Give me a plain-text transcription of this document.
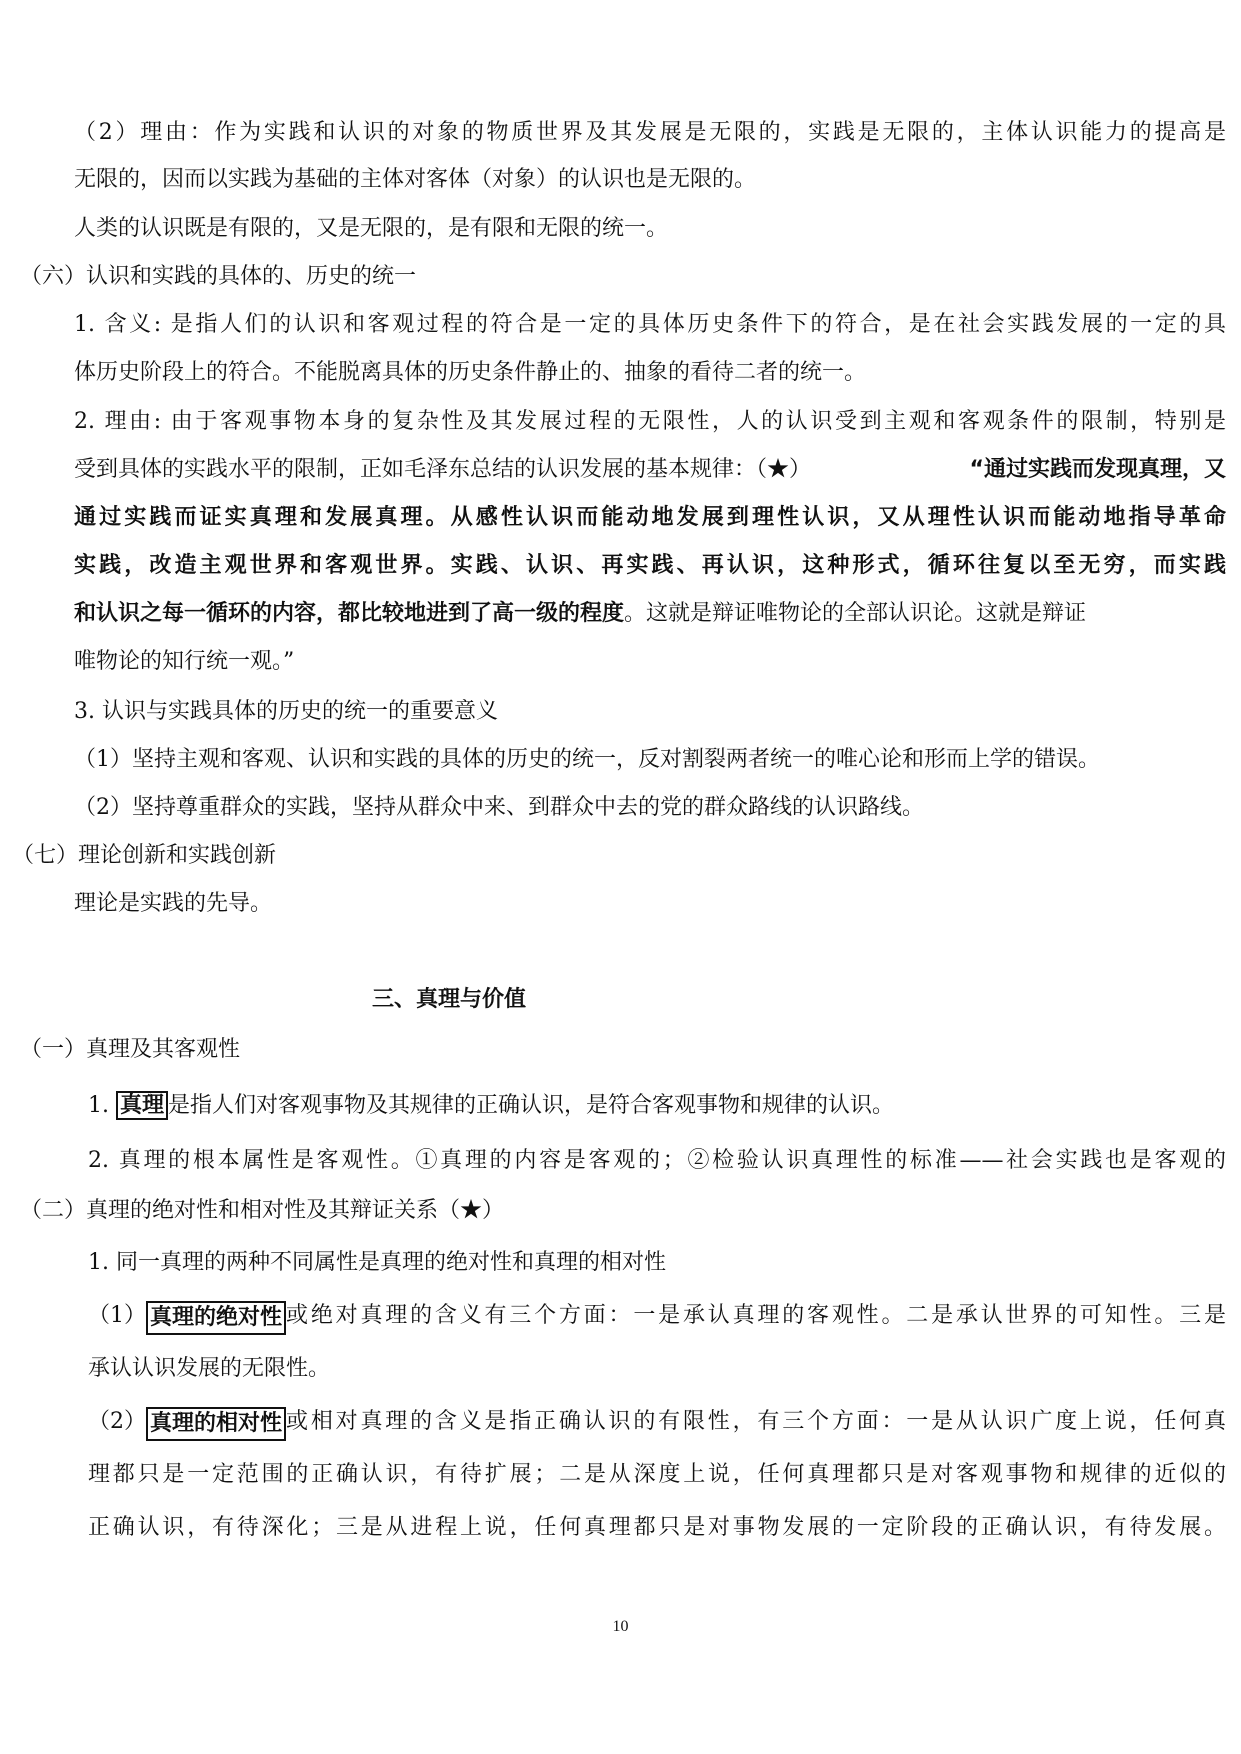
（2）理由：作为实践和认识的对象的物质世界及其发展是无限的，实践是无限的，主体认识能力的提高是
无限的，因而以实践为基础的主体对客体（对象）的认识也是无限的。
人类的认识既是有限的，又是无限的，是有限和无限的统一。
（六）认识和实践的具体的、历史的统一
1. 含义: 是指人们的认识和客观过程的符合是一定的具体历史条件下的符合，是在社会实践发展的一定的具
体历史阶段上的符合。不能脱离具体的历史条件静止的、抽象的看待二者的统一。
2. 理由: 由于客观事物本身的复杂性及其发展过程的无限性，人的认识受到主观和客观条件的限制，特别是
受到具体的实践水平的限制，正如毛泽东总结的认识发展的基本规律：（★）	“通过实践而发现真理，又
通过实践而证实真理和发展真理。从感性认识而能动地发展到理性认识，又从理性认识而能动地指导革命
实践，改造主观世界和客观世界。实践、认识、再实践、再认识，这种形式，循环往复以至无穷，而实践
和认识之每一循环的内容，都比较地进到了高一级的程度 。这就是辩证唯物论的全部认识论。这就是辩证
唯物论的知行统一观。”
3. 认识与实践具体的历史的统一的重要意义
（1）坚持主观和客观、认识和实践的具体的历史的统一，反对割裂两者统一的唯心论和形而上学的错误。
（2）坚持尊重群众的实践，坚持从群众中来、到群众中去的党的群众路线的认识路线。
（七）理论创新和实践创新
理论是实践的先导。
三、真理与价值
（一）真理及其客观性
1. 真理 是指人们对客观事物及其规律的正确认识，是符合客观事物和规律的认识。
2. 真理的根本属性是客观性。①真理的内容是客观的；②检验认识真理性的标准——社会实践也是客观的
（二）真理的绝对性和相对性及其辩证关系（★）
1. 同一真理的两种不同属性是真理的绝对性和真理的相对性
（1） 真理的绝对性 或绝对真理的含义有三个方面：一是承认真理的客观性。二是承认世界的可知性。三是
承认认识发展的无限性。
（2） 真理的相对性 或相对真理的含义是指正确认识的有限性，有三个方面：一是从认识广度上说，任何真
理都只是一定范围的正确认识，有待扩展；二是从深度上说，任何真理都只是对客观事物和规律的近似的
正确认识，有待深化；三是从进程上说，任何真理都只是对事物发展的一定阶段的正确认识，有待发展。
10
